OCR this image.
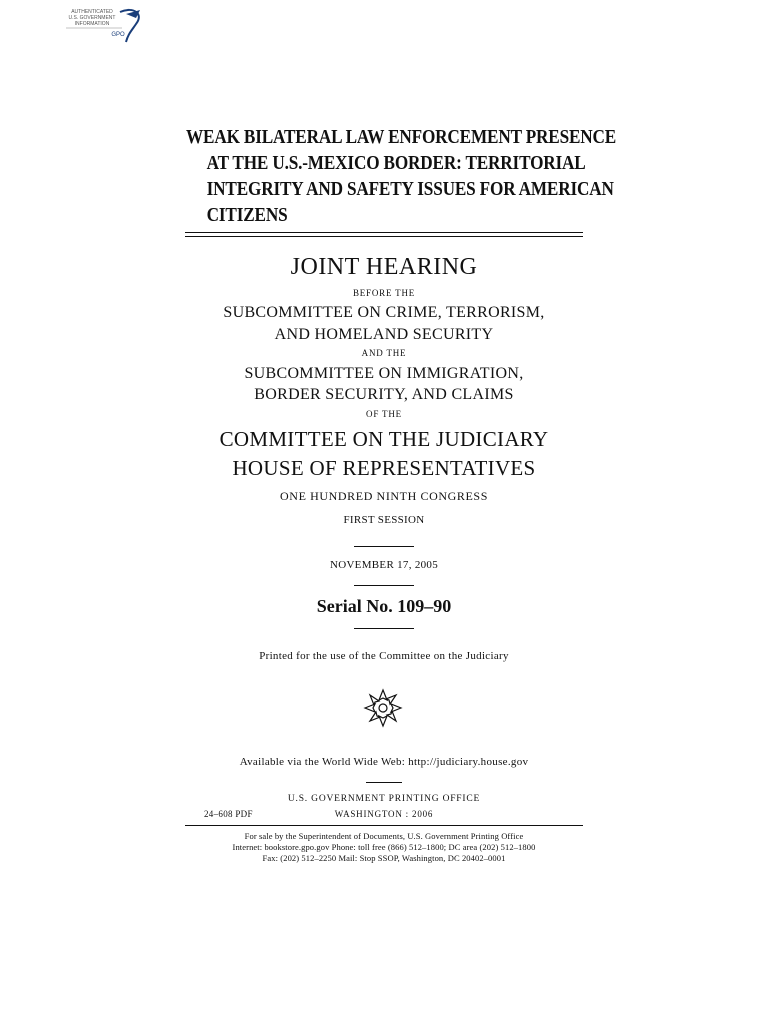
AUTHENTICATED
U.S. GOVERNMENT
INFORMATION
GPO
WEAK BILATERAL LAW ENFORCEMENT PRESENCE
AT THE U.S.-MEXICO BORDER: TERRITORIAL
INTEGRITY AND SAFETY ISSUES FOR AMERICAN
CITIZENS
JOINT HEARING
BEFORE THE
SUBCOMMITTEE ON CRIME, TERRORISM,
AND HOMELAND SECURITY
AND THE
SUBCOMMITTEE ON IMMIGRATION,
BORDER SECURITY, AND CLAIMS
OF THE
COMMITTEE ON THE JUDICIARY
HOUSE OF REPRESENTATIVES
ONE HUNDRED NINTH CONGRESS
FIRST SESSION
NOVEMBER 17, 2005
Serial No. 109–90
Printed for the use of the Committee on the Judiciary
Available via the World Wide Web: http://judiciary.house.gov
U.S. GOVERNMENT PRINTING OFFICE
24–608 PDF	WASHINGTON : 2006
For sale by the Superintendent of Documents, U.S. Government Printing Office
Internet: bookstore.gpo.gov Phone: toll free (866) 512–1800; DC area (202) 512–1800
Fax: (202) 512–2250 Mail: Stop SSOP, Washington, DC 20402–0001
